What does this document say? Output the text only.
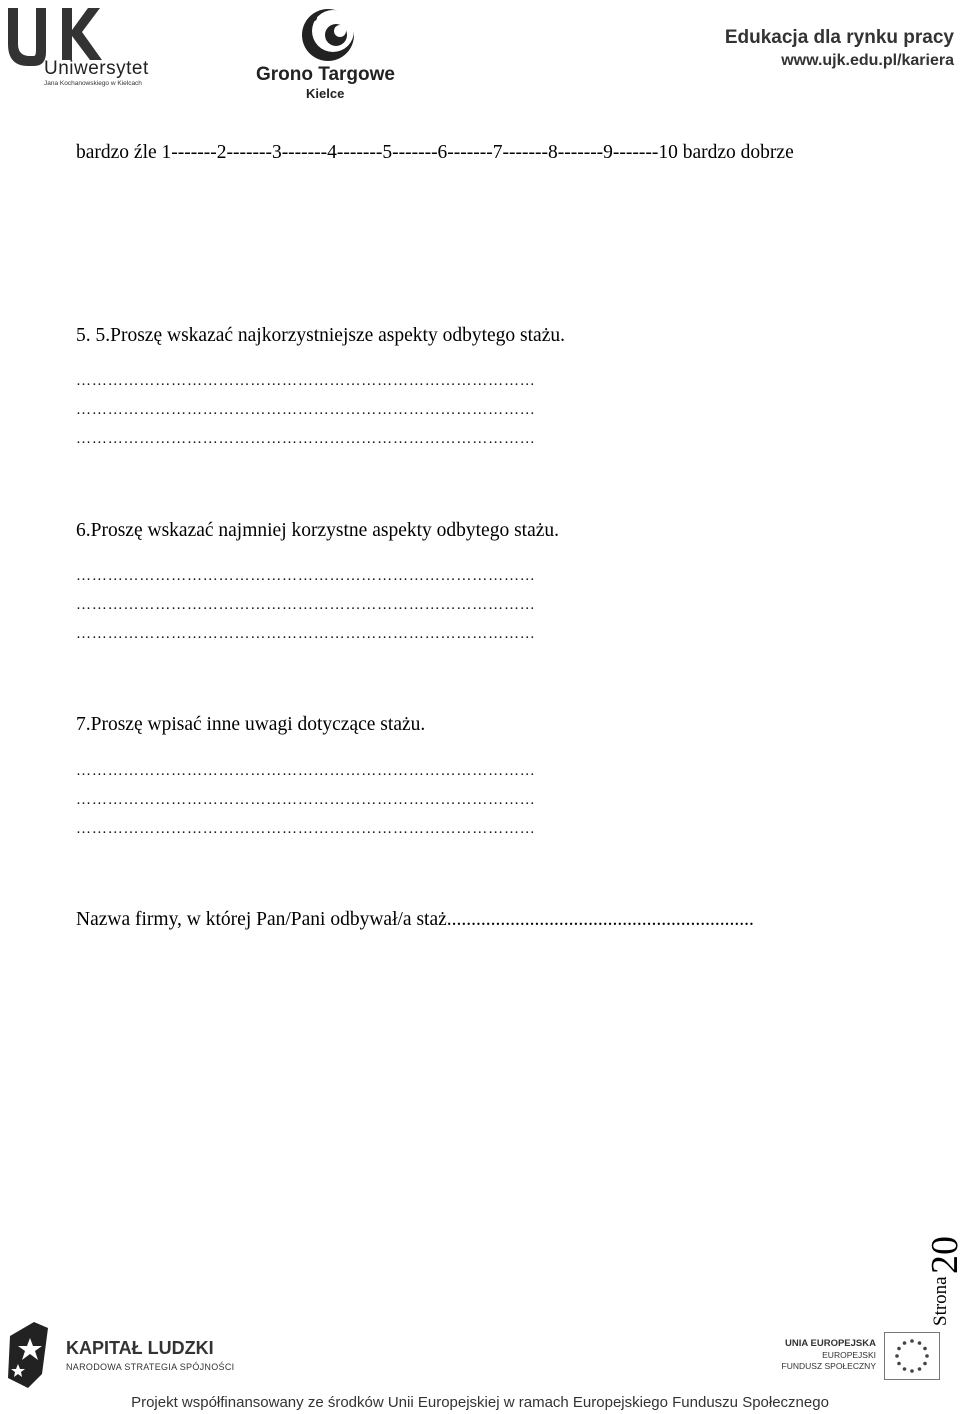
Uniwersytet
Jana Kochanowskiego w Kielcach	Grono Targowe
Kielce
Edukacja dla rynku pracy
www.ujk.edu.pl/kariera
bardzo źle 1-------2-------3-------4-------5-------6-------7-------8-------9-------10 bardzo dobrze
5. 5.Proszę wskazać najkorzystniejsze aspekty odbytego stażu.
……………………………………………………………………………
……………………………………………………………………………
……………………………………………………………………………
6.Proszę wskazać najmniej korzystne aspekty odbytego stażu.
……………………………………………………………………………
……………………………………………………………………………
……………………………………………………………………………
7.Proszę wpisać inne uwagi dotyczące stażu.
……………………………………………………………………………
……………………………………………………………………………
……………………………………………………………………………
Nazwa firmy, w której Pan/Pani odbywał/a staż...............................................................
Strona
20
KAPITAŁ LUDZKI
NARODOWA STRATEGIA SPÓJNOŚCI
UNIA EUROPEJSKA
EUROPEJSKI
FUNDUSZ SPOŁECZNY
Projekt współfinansowany ze środków Unii Europejskiej w ramach Europejskiego Funduszu Społecznego
